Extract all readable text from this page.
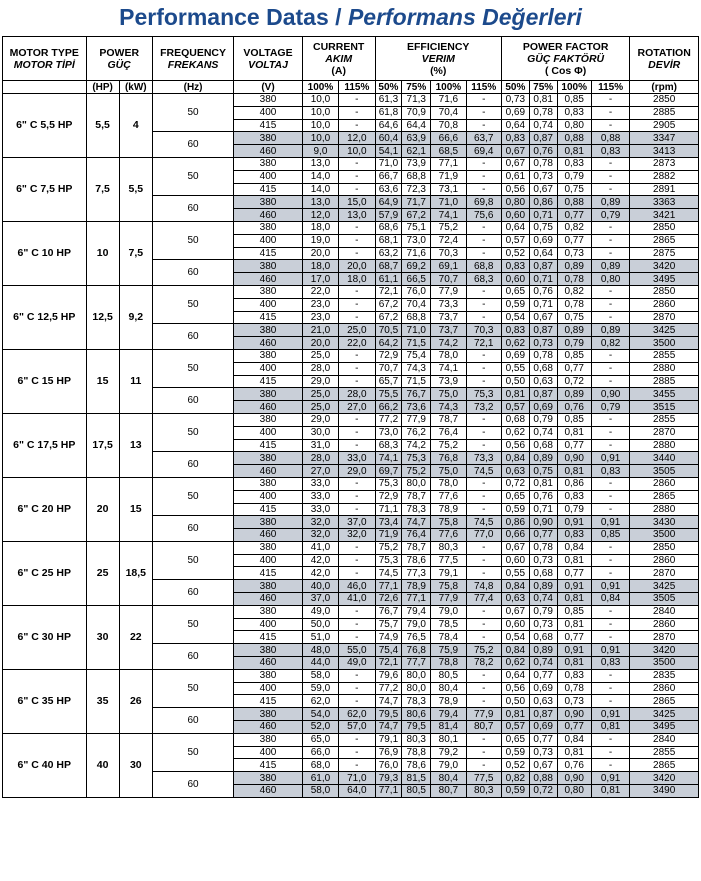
Performance Datas / Performans Değerleri
MOTOR TYPE
MOTOR TİPİ	POWER
GÜÇ		FREQUENCY
FREKANS	VOLTAGE
VOLTAJ	CURRENT
AKIM
(A)		EFFICIENCY
VERIM
(%)				POWER FACTOR
GÜÇ FAKTÖRÜ
( Cos Φ)				ROTATION
DEVİR

	(HP)	(kW)	(Hz)	(V)	100%	115%	50%	75%	100%	115%	50%	75%	100%	115%	(rpm)
6" C 5,5 HP	5,5	4	50	380	10,0	-	61,3	71,3	71,6	-	0,73	0,81	0,85	-	2850
				400	10,0	-	61,8	70,9	70,4	-	0,69	0,78	0,83	-	2885
				415	10,0	-	64,6	64,4	70,8	-	0,64	0,74	0,80	-	2905
			60	380	10,0	12,0	60,4	63,9	66,6	63,7	0,83	0,87	0,88	0,88	3347
				460	9,0	10,0	54,1	62,1	68,5	69,4	0,67	0,76	0,81	0,83	3413
6" C 7,5 HP	7,5	5,5	50	380	13,0	-	71,0	73,9	77,1	-	0,67	0,78	0,83	-	2873
				400	14,0	-	66,7	68,8	71,9	-	0,61	0,73	0,79	-	2882
				415	14,0	-	63,6	72,3	73,1	-	0,56	0,67	0,75	-	2891
			60	380	13,0	15,0	64,9	71,7	71,0	69,8	0,80	0,86	0,88	0,89	3363
				460	12,0	13,0	57,9	67,2	74,1	75,6	0,60	0,71	0,77	0,79	3421
6" C 10 HP	10	7,5	50	380	18,0	-	68,6	75,1	75,2	-	0,64	0,75	0,82	-	2850
				400	19,0	-	68,1	73,0	72,4	-	0,57	0,69	0,77	-	2865
				415	20,0	-	63,2	71,6	70,3	-	0,52	0,64	0,73	-	2875
			60	380	18,0	20,0	68,7	69,2	69,1	68,8	0,83	0,87	0,89	0,89	3420
				460	17,0	18,0	61,1	66,5	70,7	68,3	0,60	0,71	0,78	0,80	3495
6" C 12,5 HP	12,5	9,2	50	380	22,0	-	72,1	76,0	77,9	-	0,65	0,76	0,82	-	2850
				400	23,0	-	67,2	70,4	73,3	-	0,59	0,71	0,78	-	2860
				415	23,0	-	67,2	68,8	73,7	-	0,54	0,67	0,75	-	2870
			60	380	21,0	25,0	70,5	71,0	73,7	70,3	0,83	0,87	0,89	0,89	3425
				460	20,0	22,0	64,2	71,5	74,2	72,1	0,62	0,73	0,79	0,82	3500
6" C 15 HP	15	11	50	380	25,0	-	72,9	75,4	78,0	-	0,69	0,78	0,85	-	2855
				400	28,0	-	70,7	74,3	74,1	-	0,55	0,68	0,77	-	2880
				415	29,0	-	65,7	71,5	73,9	-	0,50	0,63	0,72	-	2885
			60	380	25,0	28,0	75,5	76,7	75,0	75,3	0,81	0,87	0,89	0,90	3455
				460	25,0	27,0	66,2	73,6	74,3	73,2	0,57	0,69	0,76	0,79	3515
6" C 17,5 HP	17,5	13	50	380	29,0	-	77,2	77,9	78,7	-	0,68	0,79	0,85	-	2855
				400	30,0	-	73,0	76,2	76,4	-	0,62	0,74	0,81	-	2870
				415	31,0	-	68,3	74,2	75,2	-	0,56	0,68	0,77	-	2880
			60	380	28,0	33,0	74,1	75,3	76,8	73,3	0,84	0,89	0,90	0,91	3440
				460	27,0	29,0	69,7	75,2	75,0	74,5	0,63	0,75	0,81	0,83	3505
6" C 20 HP	20	15	50	380	33,0	-	75,3	80,0	78,0	-	0,72	0,81	0,86	-	2860
				400	33,0	-	72,9	78,7	77,6	-	0,65	0,76	0,83	-	2865
				415	33,0	-	71,1	78,3	78,9	-	0,59	0,71	0,79	-	2880
			60	380	32,0	37,0	73,4	74,7	75,8	74,5	0,86	0,90	0,91	0,91	3430
				460	32,0	32,0	71,9	76,4	77,6	77,0	0,66	0,77	0,83	0,85	3500
6" C 25 HP	25	18,5	50	380	41,0	-	75,2	78,7	80,3	-	0,67	0,78	0,84	-	2850
				400	42,0	-	75,3	78,6	77,5	-	0,60	0,73	0,81	-	2860
				415	42,0	-	74,5	77,3	79,1	-	0,55	0,68	0,77	-	2870
			60	380	40,0	46,0	77,1	78,9	75,8	74,8	0,84	0,89	0,91	0,91	3425
				460	37,0	41,0	72,6	77,1	77,9	77,4	0,63	0,74	0,81	0,84	3505
6" C 30 HP	30	22	50	380	49,0	-	76,7	79,4	79,0	-	0,67	0,79	0,85	-	2840
				400	50,0	-	75,7	79,0	78,5	-	0,60	0,73	0,81	-	2860
				415	51,0	-	74,9	76,5	78,4	-	0,54	0,68	0,77	-	2870
			60	380	48,0	55,0	75,4	76,8	75,9	75,2	0,84	0,89	0,91	0,91	3420
				460	44,0	49,0	72,1	77,7	78,8	78,2	0,62	0,74	0,81	0,83	3500
6" C 35 HP	35	26	50	380	58,0	-	79,6	80,0	80,5	-	0,64	0,77	0,83	-	2835
				400	59,0	-	77,2	80,0	80,4	-	0,56	0,69	0,78	-	2860
				415	62,0	-	74,7	78,3	78,9	-	0,50	0,63	0,73	-	2865
			60	380	54,0	62,0	79,5	80,6	79,4	77,9	0,81	0,87	0,90	0,91	3425
				460	52,0	57,0	74,7	79,5	81,4	80,7	0,57	0,69	0,77	0,81	3495
6" C 40 HP	40	30	50	380	65,0	-	79,1	80,3	80,1	-	0,65	0,77	0,84	-	2840
				400	66,0	-	76,9	78,8	79,2	-	0,59	0,73	0,81	-	2855
				415	68,0	-	76,0	78,6	79,0	-	0,52	0,67	0,76	-	2865
			60	380	61,0	71,0	79,3	81,5	80,4	77,5	0,82	0,88	0,90	0,91	3420
				460	58,0	64,0	77,1	80,5	80,7	80,3	0,59	0,72	0,80	0,81	3490
